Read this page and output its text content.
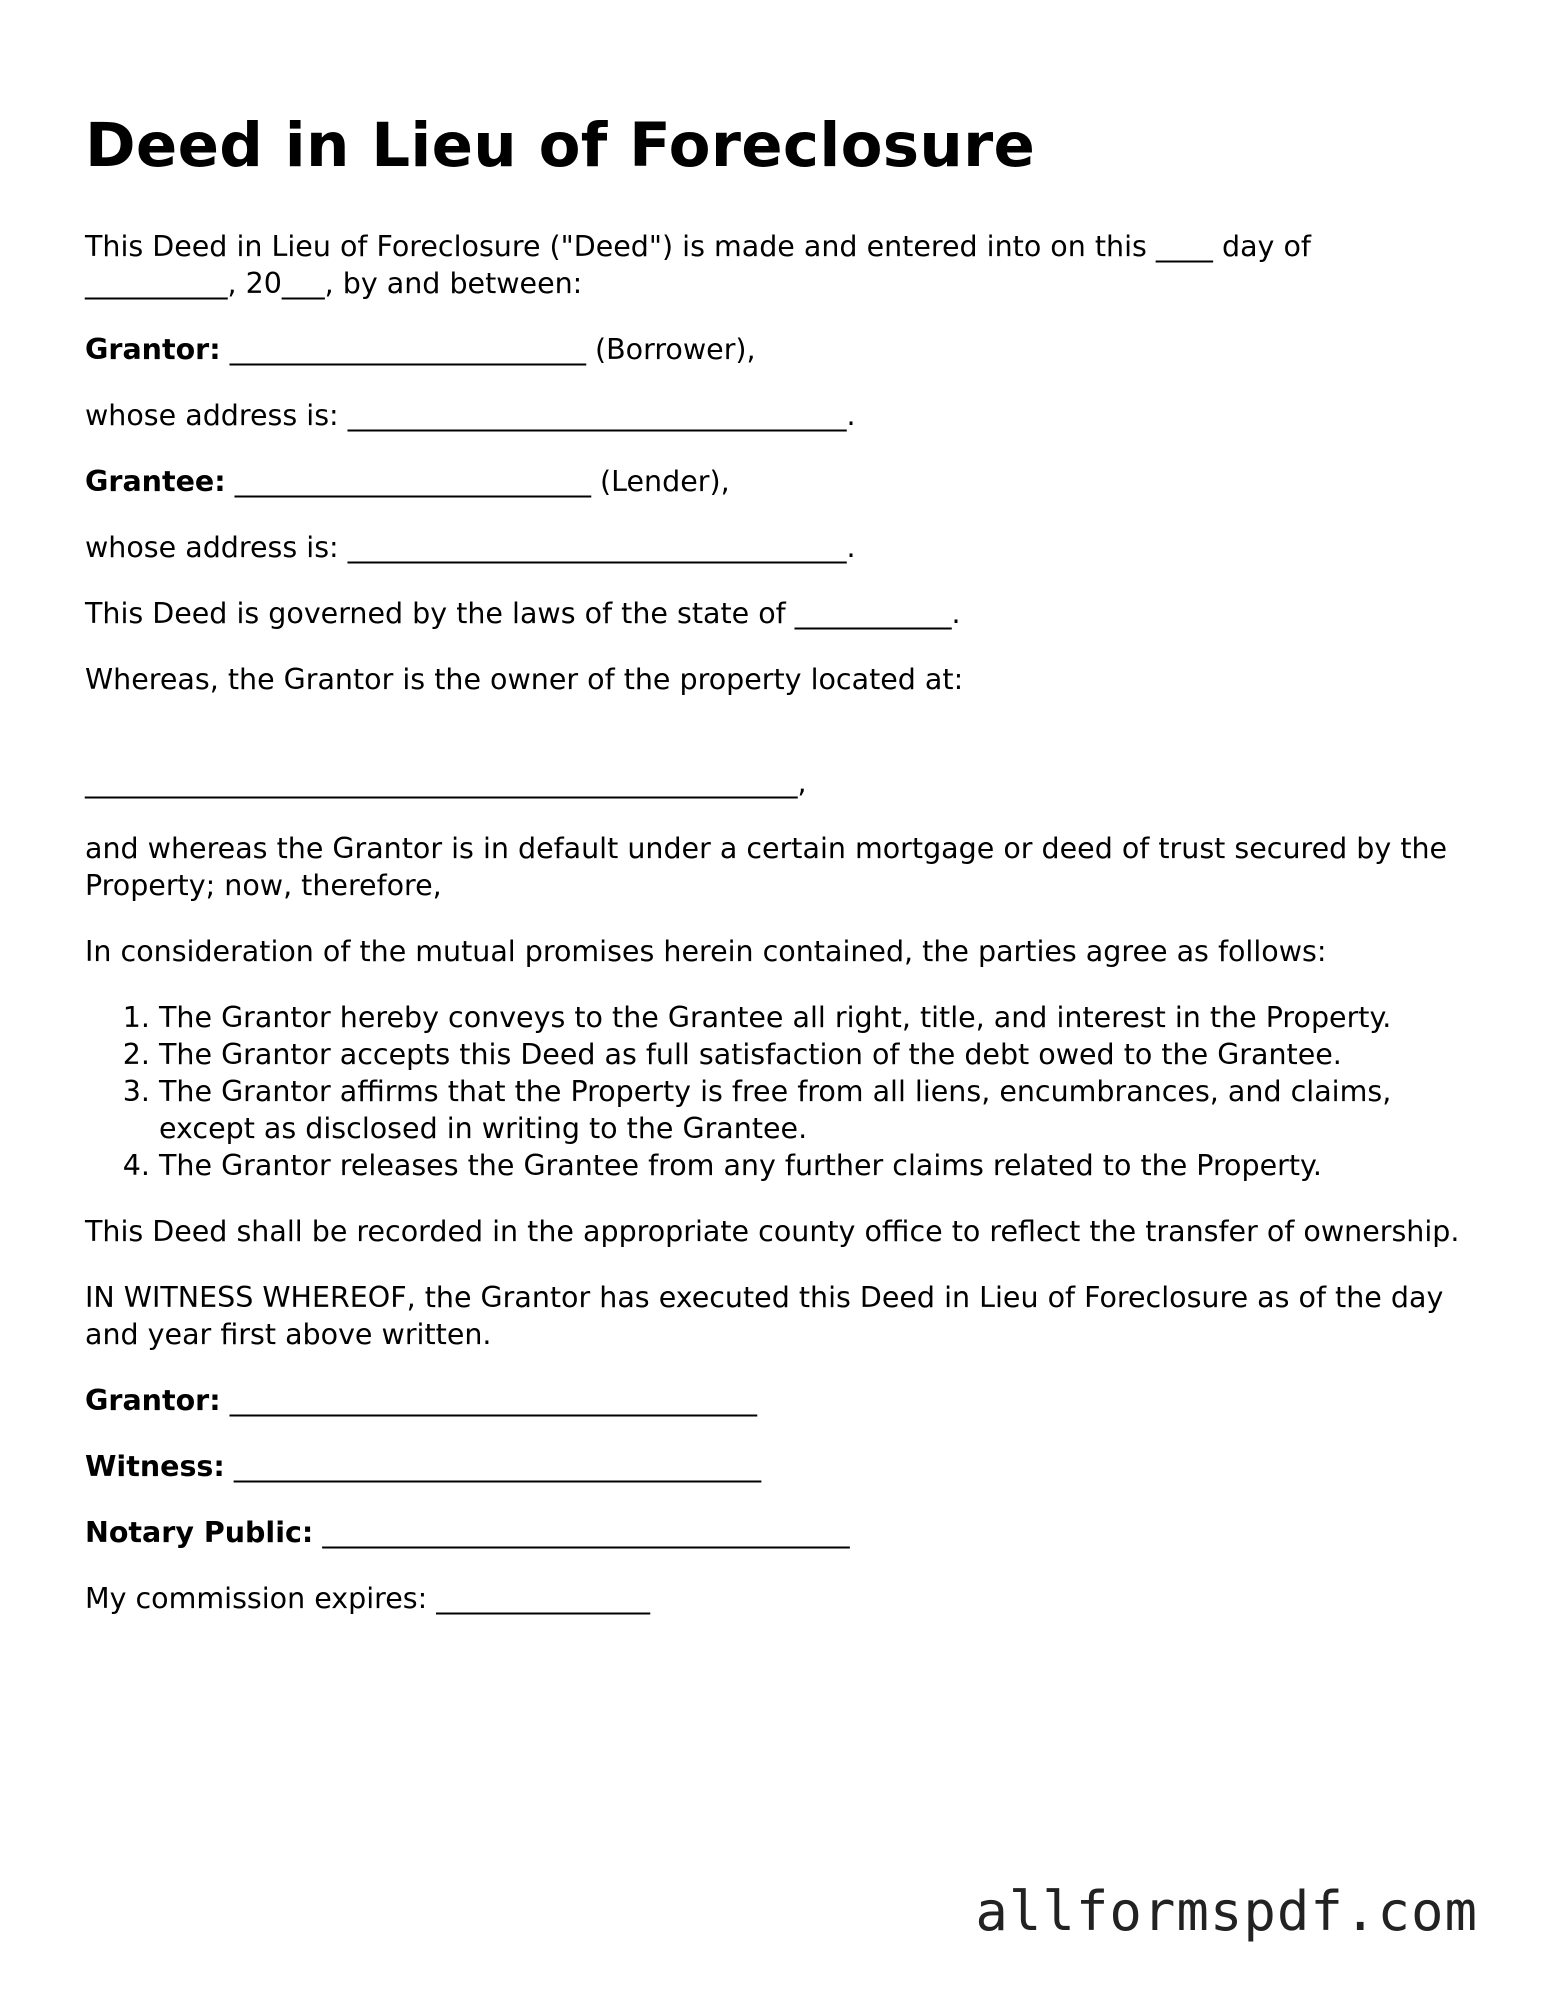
Deed in Lieu of Foreclosure

This Deed in Lieu of Foreclosure ("Deed") is made and entered into on this ____ day of __________, 20___, by and between:

Grantor: _________________________ (Borrower),

whose address is: ___________________________________.

Grantee: _________________________ (Lender),

whose address is: ___________________________________.

This Deed is governed by the laws of the state of ___________.

Whereas, the Grantor is the owner of the property located at:

__________________________________________________,

and whereas the Grantor is in default under a certain mortgage or deed of trust secured by the Property; now, therefore,

In consideration of the mutual promises herein contained, the parties agree as follows:

1. The Grantor hereby conveys to the Grantee all right, title, and interest in the Property.
2. The Grantor accepts this Deed as full satisfaction of the debt owed to the Grantee.
3. The Grantor affirms that the Property is free from all liens, encumbrances, and claims, except as disclosed in writing to the Grantee.
4. The Grantor releases the Grantee from any further claims related to the Property.

This Deed shall be recorded in the appropriate county office to reflect the transfer of ownership.

IN WITNESS WHEREOF, the Grantor has executed this Deed in Lieu of Foreclosure as of the day and year first above written.

Grantor: _____________________________________

Witness: _____________________________________

Notary Public: _____________________________________

My commission expires: _______________

allformspdf.com
